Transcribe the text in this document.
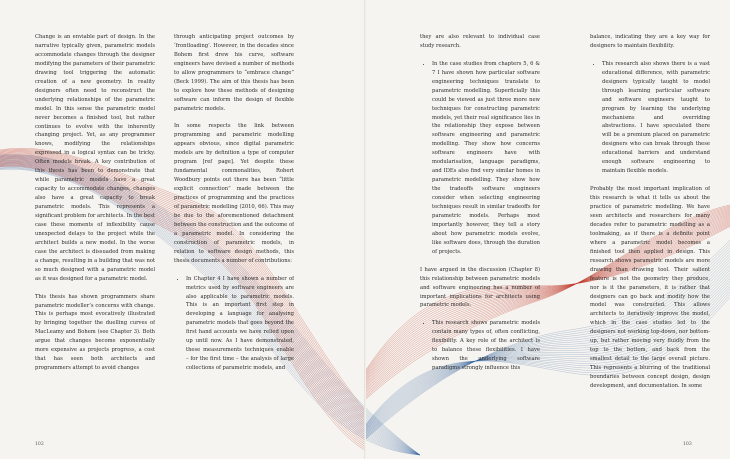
Change is an enviable part of design. In the narrative typically given, parametric models accommodate changes through the designer modifying the parameters of their parametric drawing tool triggering the automatic creation of a new geometry. In reality designers often need to reconstruct the underlying relationships of the parametric model. In this sense the parametric model never becomes a finished tool, but rather continues to evolve with the inherently changing project. Yet, as any programmer knows, modifying the relationships expressed in a logical syntax can be tricky. Often models break. A key contribution of this thesis has been to demonstrate that while parametric models have a great capacity to accommodate changes, changes also have a great capacity to break parametric models. This represents a significant problem for architects. In the best case these moments of inflexibility cause unexpected delays to the project while the architect builds a new model. In the worse case the architect is dissuaded from making a change, resulting in a building that was not so much designed with a parametric model as it was designed for a parametric model.

This thesis has shown programmers share parametric modeller’s concerns with change. This is perhaps most evocatively illustrated by bringing together the duelling curves of MacLeamy and Bohem (see Chapter 3). Both argue that changes become exponentially more expensive as projects progress, a cost that has seen both architects and programmers attempt to avoid changes

through anticipating project outcomes by ‘frontloading’. However, in the decades since Bohem first drew his curve, software engineers have devised a number of methods to allow programmers to “embrace change” (Beck 1999). The aim of this thesis has been to explore how these methods of designing software can inform the design of flexible parametric models.

In some respects the link between programming and parametric modelling appears obvious, since digital parametric models are by definition a type of computer program [ref page]. Yet despite these fundamental commonalities, Robert Woodbury points out there has been “little explicit connection” made between the practices of programming and the practices of parametric modelling (2010, 66). This may be due to the aforementioned detachment between the construction and the outcome of a parametric model. In considering the construction of parametric models, in relation to software design methods, this thesis documents a number of contributions:

• In Chapter 4 I have shown a number of metrics used by software engineers are also applicable to parametric models. This is an important first step in developing a language for analysing parametric models that goes beyond the first hand accounts we have relied upon up until now. As I have demonstrated, these measurements techniques enable – for the first time – the analysis of large collections of parametric models, and
102

they are also relevant to individual case study research.

• In the case studies from chapters 5, 6 & 7 I have shown how particular software engineering techniques translate to parametric modelling. Superficially this could be viewed as just three more new techniques for constructing parametric models, yet their real significance lies in the relationship they expose between software engineering and parametric modelling. They show how concerns software engineers have with modularisation, language paradigms, and IDEs also find very similar homes in parametric modelling. They show how the tradeoffs software engineers consider when selecting engineering techniques result in similar tradeoffs for parametric models. Perhaps most importantly however, they tell a story about how parametric models evolve, like software does, through the duration of projects.

I have argued in the discussion (Chapter 8) this relationship between parametric models and software engineering has a number of important implications for architects using parametric models.

• This research shows parametric models contain many types of, often conflicting, flexibility. A key role of the architect is to balance these flexibilities. I have shown the underlying software paradigms strongly influence this

balance, indicating they are a key way for designers to maintain flexibility.

• This research also shows there is a vast educational difference, with parametric designers typically taught to model through learning particular software and software engineers taught to program by learning the underlying mechanisms and overriding abstractions. I have speculated there will be a premium placed on parametric designers who can break through these educational barriers and understand enough software engineering to maintain flexible models.

Probably the most important implication of this research is what it tells us about the practice of parametric modelling. We have seen architects and researchers for many decades refer to parametric modelling as a toolmaking, as if there is a definite point where a parametric model becomes a finished tool then applied in design. This research shows parametric models are more drawing than drawing tool. Their salient feature is not the geometry they produce, nor is it the parameters, it is rather that designers can go back and modify how the model was constructed. This allows architects to iteratively improve the model, which in the case studies led to the designers not working top-down, nor bottom-up, but rather moving very fluidly from the top to the bottom, and back from the smallest detail to the large overall picture. This represents a blurring of the traditional boundaries between concept design, design development, and documentation. In some

103
